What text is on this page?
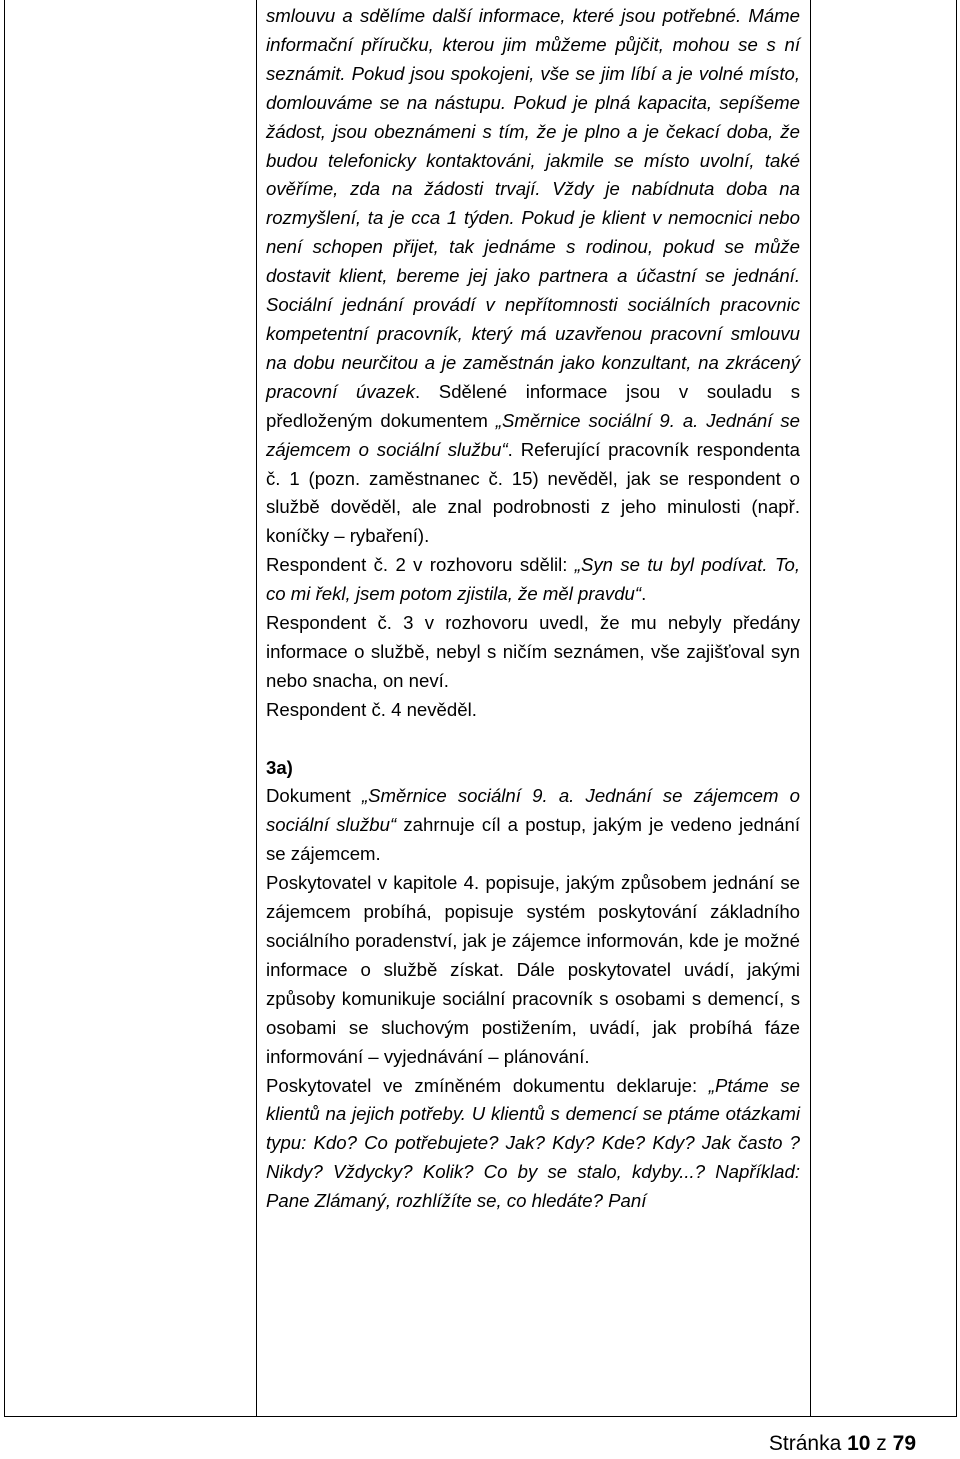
smlouvu a sdělíme další informace, které jsou potřebné. Máme informační příručku, kterou jim můžeme půjčit, mohou se s ní seznámit. Pokud jsou spokojeni, vše se jim líbí a je volné místo, domlouváme se na nástupu. Pokud je plná kapacita, sepíšeme žádost, jsou obeznámeni s tím, že je plno a je čekací doba, že budou telefonicky kontaktováni, jakmile se místo uvolní, také ověříme, zda na žádosti trvají. Vždy je nabídnuta doba na rozmyšlení, ta je cca 1 týden. Pokud je klient v nemocnici nebo není schopen přijet, tak jednáme s rodinou, pokud se může dostavit klient, bereme jej jako partnera a účastní se jednání. Sociální jednání provádí v nepřítomnosti sociálních pracovnic kompetentní pracovník, který má uzavřenou pracovní smlouvu na dobu neurčitou a je zaměstnán jako konzultant, na zkrácený pracovní úvazek. Sdělené informace jsou v souladu s předloženým dokumentem „Směrnice sociální 9. a. Jednání se zájemcem o sociální službu“. Referující pracovník respondenta č. 1 (pozn. zaměstnanec č. 15) nevěděl, jak se respondent o službě dověděl, ale znal podrobnosti z jeho minulosti (např. koníčky – rybaření).

Respondent č. 2 v rozhovoru sdělil: „Syn se tu byl podívat. To, co mi řekl, jsem potom zjistila, že měl pravdu“.

Respondent č. 3 v rozhovoru uvedl, že mu nebyly předány informace o službě, nebyl s ničím seznámen, vše zajišťoval syn nebo snacha, on neví.

Respondent č. 4 nevěděl.

3a)

Dokument „Směrnice sociální 9. a. Jednání se zájemcem o sociální službu“ zahrnuje cíl a postup, jakým je vedeno jednání se zájemcem.

Poskytovatel v kapitole 4. popisuje, jakým způsobem jednání se zájemcem probíhá, popisuje systém poskytování základního sociálního poradenství, jak je zájemce informován, kde je možné informace o službě získat. Dále poskytovatel uvádí, jakými způsoby komunikuje sociální pracovník s osobami s demencí, s osobami se sluchovým postižením, uvádí, jak probíhá fáze informování – vyjednávání – plánování.

Poskytovatel ve zmíněném dokumentu deklaruje: „Ptáme se klientů na jejich potřeby. U klientů s demencí se ptáme otázkami typu: Kdo? Co potřebujete? Jak? Kdy? Kde? Kdy? Jak často ? Nikdy? Vždycky? Kolik? Co by se stalo, kdyby...? Například: Pane Zlámaný, rozhlížíte se, co hledáte? Paní

Stránka 10 z 79
